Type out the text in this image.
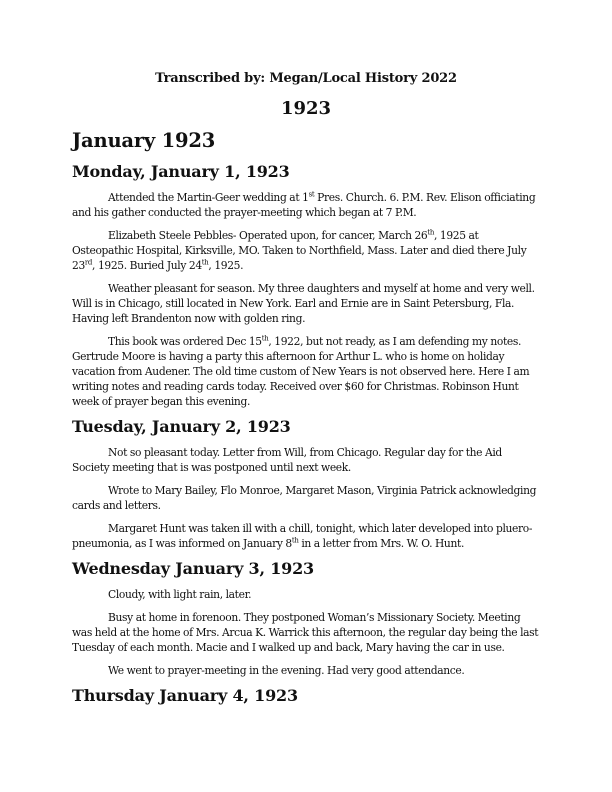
Transcribed by: Megan/Local History 2022
1923
January 1923
Monday, January 1, 1923

Attended the Martin-Geer wedding at 1st Pres. Church. 6. P.M. Rev. Elison officiating and his gather conducted the prayer-meeting which began at 7 P.M.

Elizabeth Steele Pebbles- Operated upon, for cancer, March 26th, 1925 at Osteopathic Hospital, Kirksville, MO. Taken to Northfield, Mass. Later and died there July 23rd, 1925. Buried July 24th, 1925.

Weather pleasant for season. My three daughters and myself at home and very well. Will is in Chicago, still located in New York. Earl and Ernie are in Saint Petersburg, Fla. Having left Brandenton now with golden ring.

This book was ordered Dec 15th, 1922, but not ready, as I am defending my notes. Gertrude Moore is having a party this afternoon for Arthur L. who is home on holiday vacation from Audener. The old time custom of New Years is not observed here. Here I am writing notes and reading cards today. Received over $60 for Christmas. Robinson Hunt week of prayer began this evening.

Tuesday, January 2, 1923

Not so pleasant today. Letter from Will, from Chicago. Regular day for the Aid Society meeting that is was postponed until next week.

Wrote to Mary Bailey, Flo Monroe, Margaret Mason, Virginia Patrick acknowledging cards and letters.

Margaret Hunt was taken ill with a chill, tonight, which later developed into pluero-pneumonia, as I was informed on January 8th in a letter from Mrs. W. O. Hunt.

Wednesday January 3, 1923

Cloudy, with light rain, later.

Busy at home in forenoon. They postponed Woman’s Missionary Society. Meeting was held at the home of Mrs. Arcua K. Warrick this afternoon, the regular day being the last Tuesday of each month. Macie and I walked up and back, Mary having the car in use.

We went to prayer-meeting in the evening. Had very good attendance.

Thursday January 4, 1923
